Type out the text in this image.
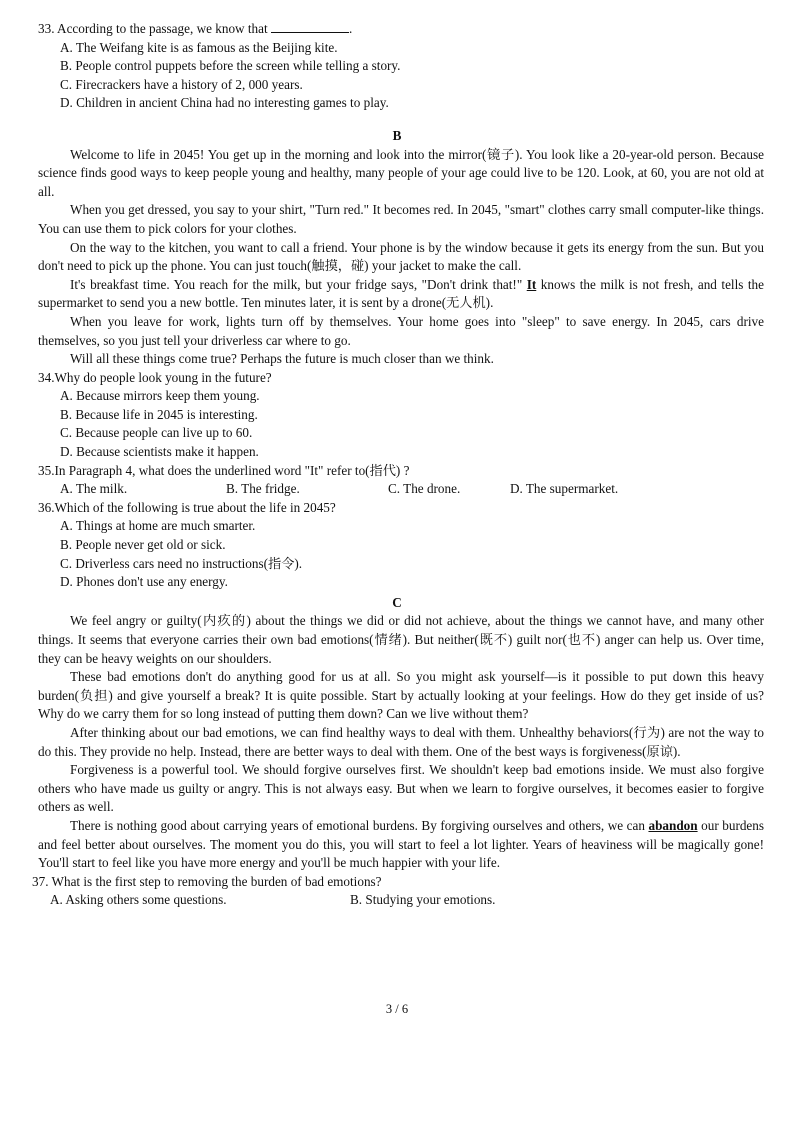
33. According to the passage, we know that	.
A. The Weifang kite is as famous as the Beijing kite.
B. People control puppets before the screen while telling a story.
C. Firecrackers have a history of 2, 000 years.
D. Children in ancient China had no interesting games to play.
B

Welcome to life in 2045! You get up in the morning and look into the mirror(镜子). You look like a 20-year-old person. Because science finds good ways to keep people young and healthy, many people of your age could live to be 120. Look, at 60, you are not old at all.

When you get dressed, you say to your shirt, "Turn red." It becomes red. In 2045, "smart" clothes carry small computer-like things. You can use them to pick colors for your clothes.

On the way to the kitchen, you want to call a friend. Your phone is by the window because it gets its energy from the sun. But you don't need to pick up the phone. You can just touch(触摸，碰) your jacket to make the call.

It's breakfast time. You reach for the milk, but your fridge says, "Don't drink that!" It knows the milk is not fresh, and tells the supermarket to send you a new bottle. Ten minutes later, it is sent by a drone(无人机).

When you leave for work, lights turn off by themselves. Your home goes into "sleep" to save energy. In 2045, cars drive themselves, so you just tell your driverless car where to go.

Will all these things come true? Perhaps the future is much closer than we think.

34.Why do people look young in the future?
A. Because mirrors keep them young.
B. Because life in 2045 is interesting.
C. Because people can live up to 60.
D. Because scientists make it happen.
35.In Paragraph 4, what does the underlined word "It" refer to(指代) ?
A. The milk.	B. The fridge.	C. The drone.	D. The supermarket.
36.Which of the following is true about the life in 2045?
A. Things at home are much smarter.
B. People never get old or sick.
C. Driverless cars need no instructions(指令).
D. Phones don't use any energy.
C

We feel angry or guilty(内疚的) about the things we did or did not achieve, about the things we cannot have, and many other things. It seems that everyone carries their own bad emotions(情绪). But neither(既不) guilt nor(也不) anger can help us. Over time, they can be heavy weights on our shoulders.

These bad emotions don't do anything good for us at all. So you might ask yourself—is it possible to put down this heavy burden(负担) and give yourself a break? It is quite possible. Start by actually looking at your feelings. How do they get inside of us? Why do we carry them for so long instead of putting them down? Can we live without them?

After thinking about our bad emotions, we can find healthy ways to deal with them. Unhealthy behaviors(行为) are not the way to do this. They provide no help. Instead, there are better ways to deal with them. One of the best ways is forgiveness(原谅).

Forgiveness is a powerful tool. We should forgive ourselves first. We shouldn't keep bad emotions inside. We must also forgive others who have made us guilty or angry. This is not always easy. But when we learn to forgive ourselves, it becomes easier to forgive others as well.

There is nothing good about carrying years of emotional burdens. By forgiving ourselves and others, we can abandon our burdens and feel better about ourselves. The moment you do this, you will start to feel a lot lighter. Years of heaviness will be magically gone! You'll start to feel like you have more energy and you'll be much happier with your life.

37. What is the first step to removing the burden of bad emotions?
A. Asking others some questions.	B. Studying your emotions.
3 / 6
